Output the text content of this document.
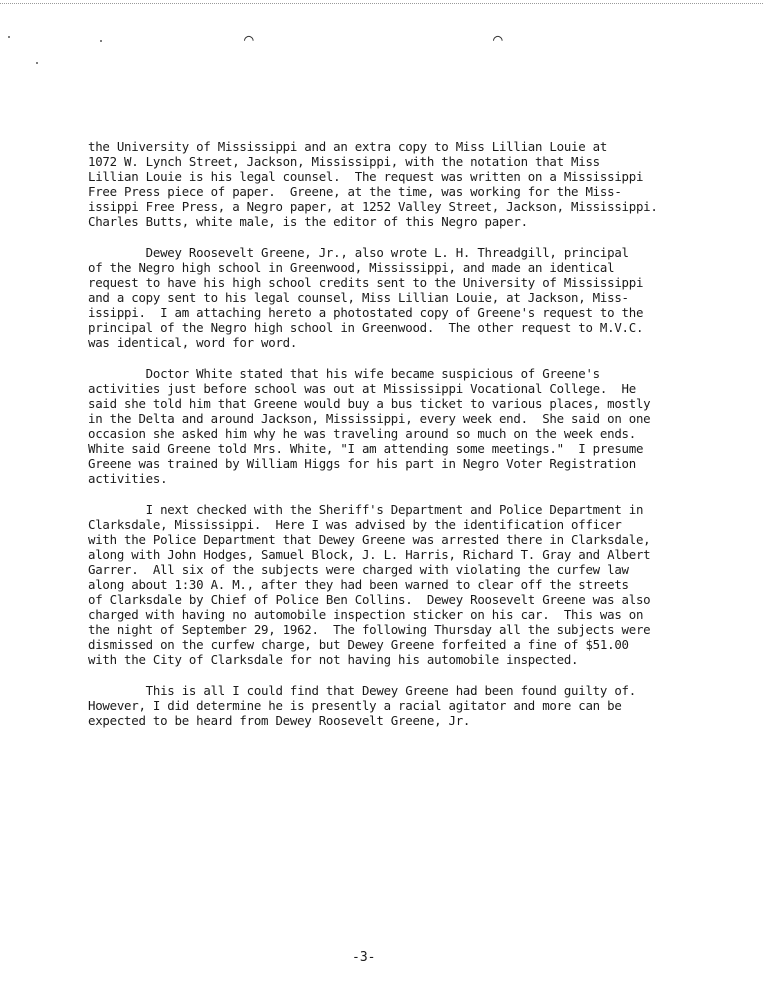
⌒	⌒
the University of Mississippi and an extra copy to Miss Lillian Louie at
1072 W. Lynch Street, Jackson, Mississippi, with the notation that Miss
Lillian Louie is his legal counsel.  The request was written on a Mississippi
Free Press piece of paper.  Greene, at the time, was working for the Miss-
issippi Free Press, a Negro paper, at 1252 Valley Street, Jackson, Mississippi.
Charles Butts, white male, is the editor of this Negro paper.
Dewey Roosevelt Greene, Jr., also wrote L. H. Threadgill, principal
of the Negro high school in Greenwood, Mississippi, and made an identical
request to have his high school credits sent to the University of Mississippi
and a copy sent to his legal counsel, Miss Lillian Louie, at Jackson, Miss-
issippi.  I am attaching hereto a photostated copy of Greene's request to the
principal of the Negro high school in Greenwood.  The other request to M.V.C.
was identical, word for word.
Doctor White stated that his wife became suspicious of Greene's
activities just before school was out at Mississippi Vocational College.  He
said she told him that Greene would buy a bus ticket to various places, mostly
in the Delta and around Jackson, Mississippi, every week end.  She said on one
occasion she asked him why he was traveling around so much on the week ends.
White said Greene told Mrs. White, "I am attending some meetings."  I presume
Greene was trained by William Higgs for his part in Negro Voter Registration
activities.
I next checked with the Sheriff's Department and Police Department in
Clarksdale, Mississippi.  Here I was advised by the identification officer
with the Police Department that Dewey Greene was arrested there in Clarksdale,
along with John Hodges, Samuel Block, J. L. Harris, Richard T. Gray and Albert
Garrer.  All six of the subjects were charged with violating the curfew law
along about 1:30 A. M., after they had been warned to clear off the streets
of Clarksdale by Chief of Police Ben Collins.  Dewey Roosevelt Greene was also
charged with having no automobile inspection sticker on his car.  This was on
the night of September 29, 1962.  The following Thursday all the subjects were
dismissed on the curfew charge, but Dewey Greene forfeited a fine of $51.00
with the City of Clarksdale for not having his automobile inspected.
This is all I could find that Dewey Greene had been found guilty of.
However, I did determine he is presently a racial agitator and more can be
expected to be heard from Dewey Roosevelt Greene, Jr.
-3-
